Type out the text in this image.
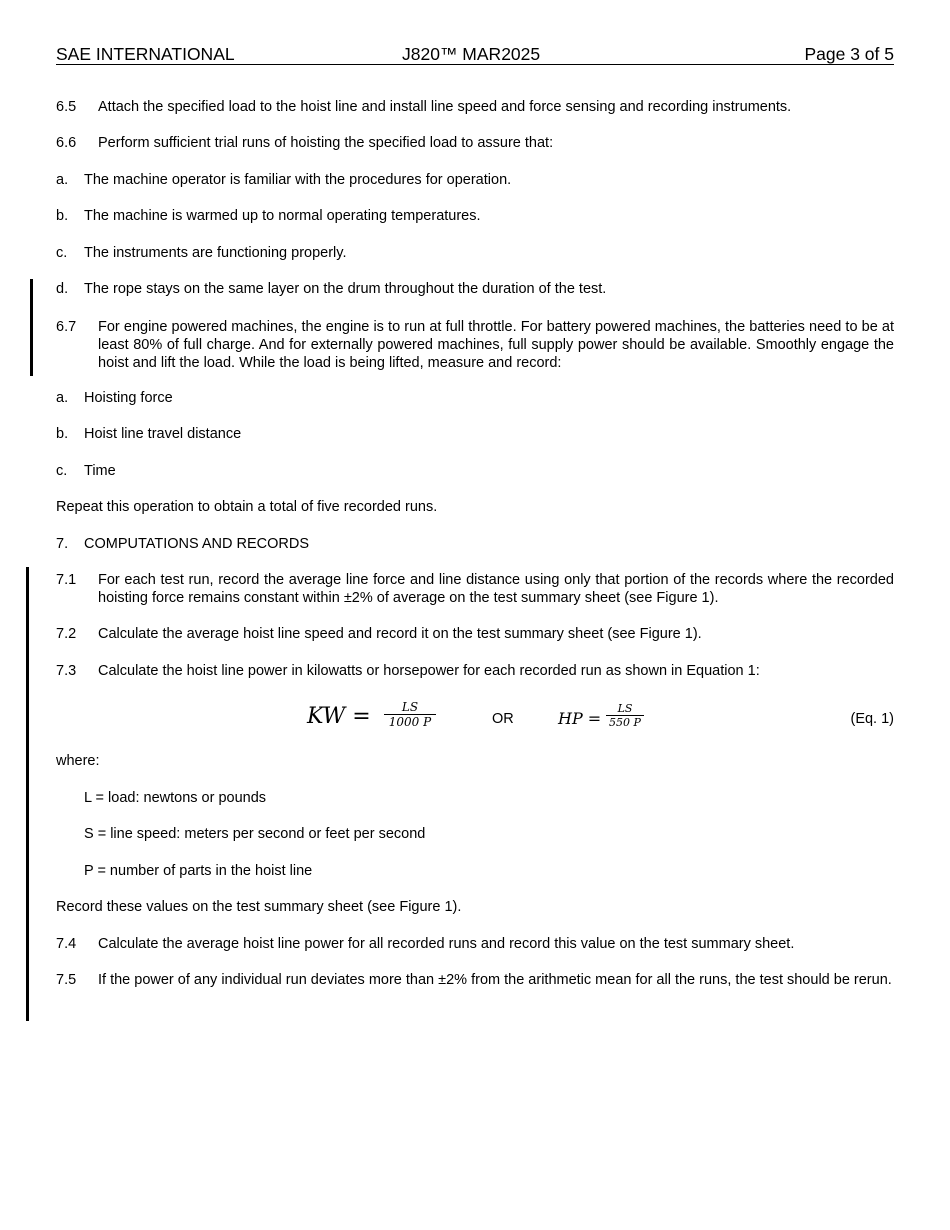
SAE INTERNATIONAL	J820™ MAR2025	Page 3 of 5
6.5 Attach the specified load to the hoist line and install line speed and force sensing and recording instruments.
6.6 Perform sufficient trial runs of hoisting the specified load to assure that:
a. The machine operator is familiar with the procedures for operation.
b. The machine is warmed up to normal operating temperatures.
c. The instruments are functioning properly.
d. The rope stays on the same layer on the drum throughout the duration of the test.
6.7 For engine powered machines, the engine is to run at full throttle. For battery powered machines, the batteries need to be at least 80% of full charge. And for externally powered machines, full supply power should be available. Smoothly engage the hoist and lift the load. While the load is being lifted, measure and record:
a. Hoisting force
b. Hoist line travel distance
c. Time
Repeat this operation to obtain a total of five recorded runs.
7. COMPUTATIONS AND RECORDS
7.1 For each test run, record the average line force and line distance using only that portion of the records where the recorded hoisting force remains constant within ±2% of average on the test summary sheet (see Figure 1).
7.2 Calculate the average hoist line speed and record it on the test summary sheet (see Figure 1).
7.3 Calculate the hoist line power in kilowatts or horsepower for each recorded run as shown in Equation 1:
KW = $\frac{LS}{1000 P}$	OR	HP = $\frac{LS}{550 P}$	(Eq. 1)
where:
L = load: newtons or pounds
S = line speed: meters per second or feet per second
P = number of parts in the hoist line
Record these values on the test summary sheet (see Figure 1).
7.4 Calculate the average hoist line power for all recorded runs and record this value on the test summary sheet.
7.5 If the power of any individual run deviates more than ±2% from the arithmetic mean for all the runs, the test should be rerun.
